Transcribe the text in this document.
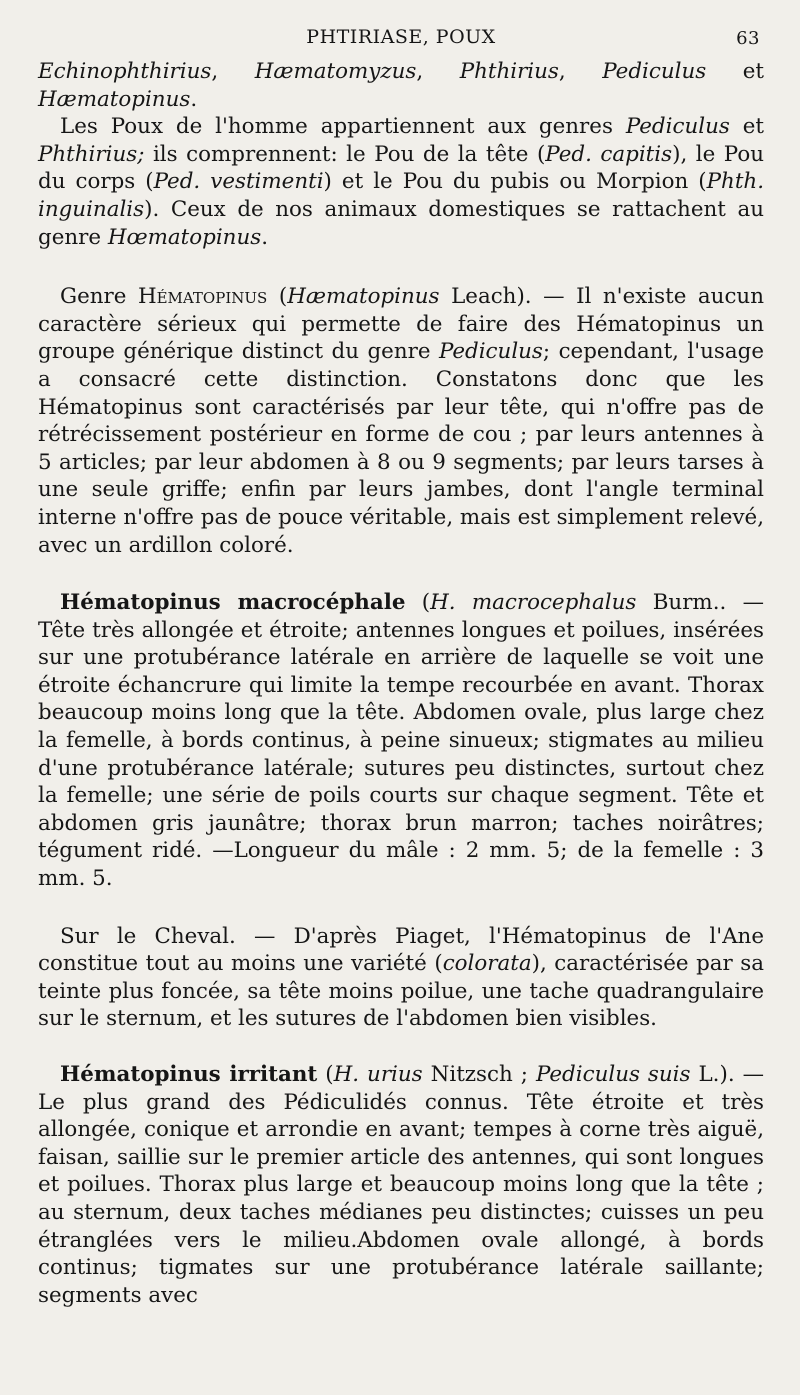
PHTIRIASE, POUX	63

Echinophthirius, Hæmatomyzus, Phthirius, Pediculus et Hæmatopinus.

Les Poux de l'homme appartiennent aux genres Pediculus et Phthirius; ils comprennent: le Pou de la tête (Ped. capitis), le Pou du corps (Ped. vestimenti) et le Pou du pubis ou Morpion (Phth. inguinalis). Ceux de nos animaux domestiques se rattachent au genre Hœmatopinus.

Genre Hématopinus (Hæmatopinus Leach). — Il n'existe aucun caractère sérieux qui permette de faire des Hématopinus un groupe générique distinct du genre Pediculus; cependant, l'usage a consacré cette distinction. Constatons donc que les Hématopinus sont caractérisés par leur tête, qui n'offre pas de rétrécissement postérieur en forme de cou ; par leurs antennes à 5 articles; par leur abdomen à 8 ou 9 segments; par leurs tarses à une seule griffe; enfin par leurs jambes, dont l'angle terminal interne n'offre pas de pouce véritable, mais est simplement relevé, avec un ardillon coloré.

Hématopinus macrocéphale (H. macrocephalus Burm.. — Tête très allongée et étroite; antennes longues et poilues, insérées sur une protubérance latérale en arrière de laquelle se voit une étroite échancrure qui limite la tempe recourbée en avant. Thorax beaucoup moins long que la tête. Abdomen ovale, plus large chez la femelle, à bords continus, à peine sinueux; stigmates au milieu d'une protubérance latérale; sutures peu distinctes, surtout chez la femelle; une série de poils courts sur chaque segment. Tête et abdomen gris jaunâtre; thorax brun marron; taches noirâtres; tégument ridé. —Longueur du mâle : 2 mm. 5; de la femelle : 3 mm. 5.

Sur le Cheval. — D'après Piaget, l'Hématopinus de l'Ane constitue tout au moins une variété (colorata), caractérisée par sa teinte plus foncée, sa tête moins poilue, une tache quadrangulaire sur le sternum, et les sutures de l'abdomen bien visibles.

Hématopinus irritant (H. urius Nitzsch ; Pediculus suis L.). — Le plus grand des Pédiculidés connus. Tête étroite et très allongée, conique et arrondie en avant; tempes à corne très aiguë, faisan, saillie sur le premier article des antennes, qui sont longues et poilues. Thorax plus large et beaucoup moins long que la tête ; au sternum, deux taches médianes peu distinctes; cuisses un peu étranglées vers le milieu.Abdomen ovale allongé, à bords continus; tigmates sur une protubérance latérale saillante; segments avec
